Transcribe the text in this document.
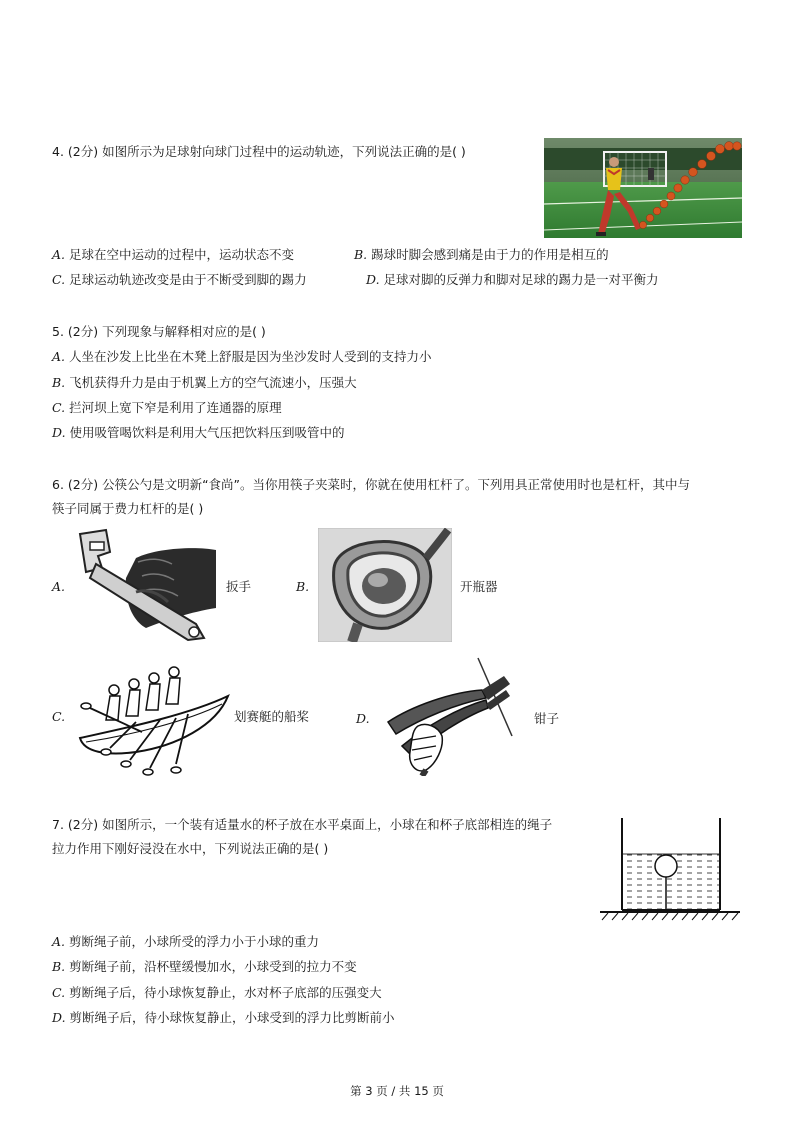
4. (2分) 如图所示为足球射向球门过程中的运动轨迹，下列说法正确的是( )
A. 足球在空中运动的过程中，运动状态不变	B. 踢球时脚会感到痛是由于力的作用是相互的
C. 足球运动轨迹改变是由于不断受到脚的踢力	D. 足球对脚的反弹力和脚对足球的踢力是一对平衡力
5. (2分) 下列现象与解释相对应的是( )
A. 人坐在沙发上比坐在木凳上舒服是因为坐沙发时人受到的支持力小
B. 飞机获得升力是由于机翼上方的空气流速小，压强大
C. 拦河坝上宽下窄是利用了连通器的原理
D. 使用吸管喝饮料是利用大气压把饮料压到吸管中的
6. (2分) 公筷公勺是文明新“食尚”。当你用筷子夹菜时，你就在使用杠杆了。下列用具正常使用时也是杠杆，其中与
筷子同属于费力杠杆的是( )
A.	扳手	B.	开瓶器
C.	划赛艇的船桨	D.	钳子
7. (2分) 如图所示，一个装有适量水的杯子放在水平桌面上，小球在和杯子底部相连的绳子
拉力作用下刚好浸没在水中，下列说法正确的是( )
A. 剪断绳子前，小球所受的浮力小于小球的重力
B. 剪断绳子前，沿杯壁缓慢加水，小球受到的拉力不变
C. 剪断绳子后，待小球恢复静止，水对杯子底部的压强变大
D. 剪断绳子后，待小球恢复静止，小球受到的浮力比剪断前小
第 3 页 / 共 15 页
